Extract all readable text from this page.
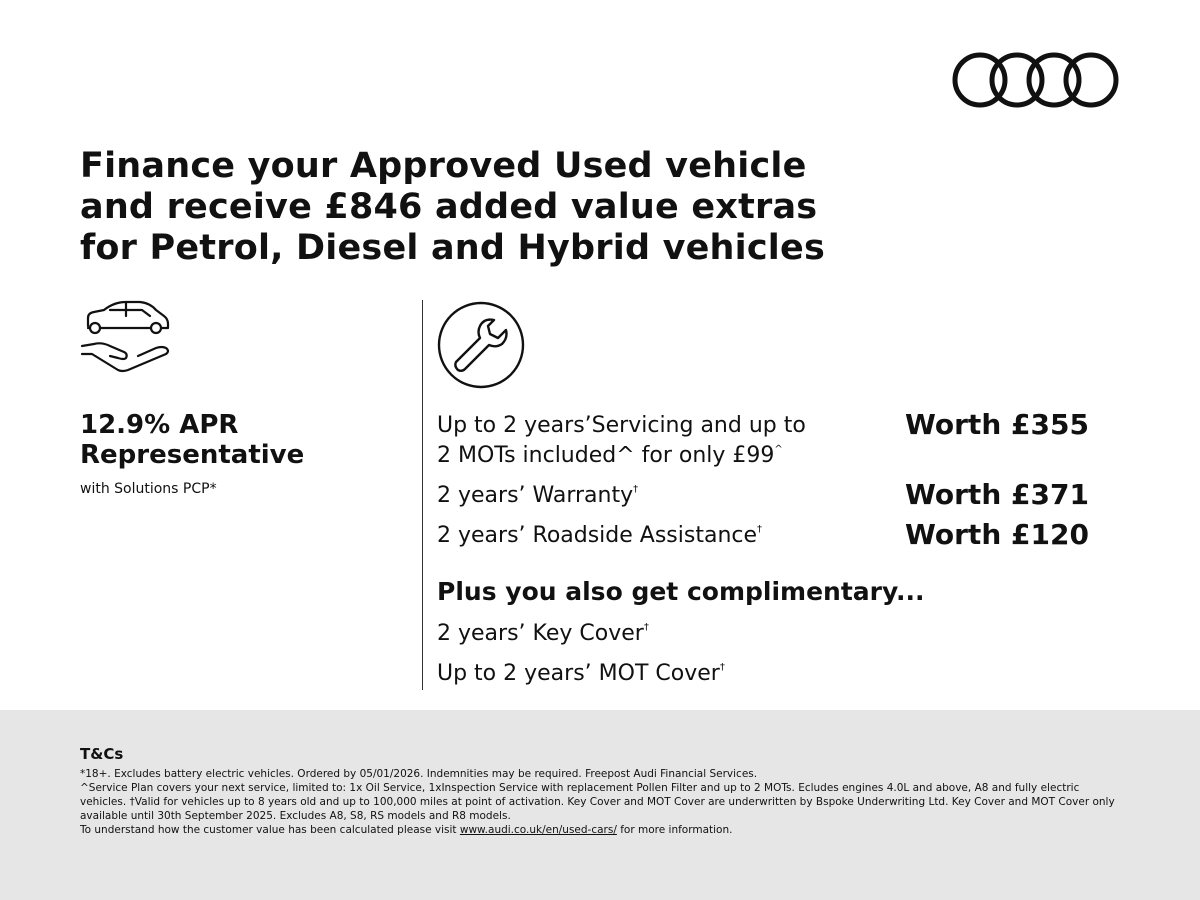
Finance your Approved Used vehicle
and receive £846 added value extras
for Petrol, Diesel and Hybrid vehicles
12.9% APR
Representative
with Solutions PCP*
Up to 2 years’Servicing and up to
2 MOTs included^ for only £99^
Worth £355
2 years’ Warranty†	Worth £371
2 years’ Roadside Assistance†	Worth £120
Plus you also get complimentary...
2 years’ Key Cover†
Up to 2 years’ MOT Cover†
T&Cs

*18+. Excludes battery electric vehicles. Ordered by 05/01/2026. Indemnities may be required. Freepost Audi Financial Services.

^Service Plan covers your next service, limited to: 1x Oil Service, 1xInspection Service with replacement Pollen Filter and up to 2 MOTs. Ecludes engines 4.0L and above, A8 and fully electric vehicles. †Valid for vehicles up to 8 years old and up to 100,000 miles at point of activation. Key Cover and MOT Cover are underwritten by Bspoke Underwriting Ltd. Key Cover and MOT Cover only available until 30th September 2025. Excludes A8, S8, RS models and R8 models.

To understand how the customer value has been calculated please visit www.audi.co.uk/en/used-cars/ for more information.
